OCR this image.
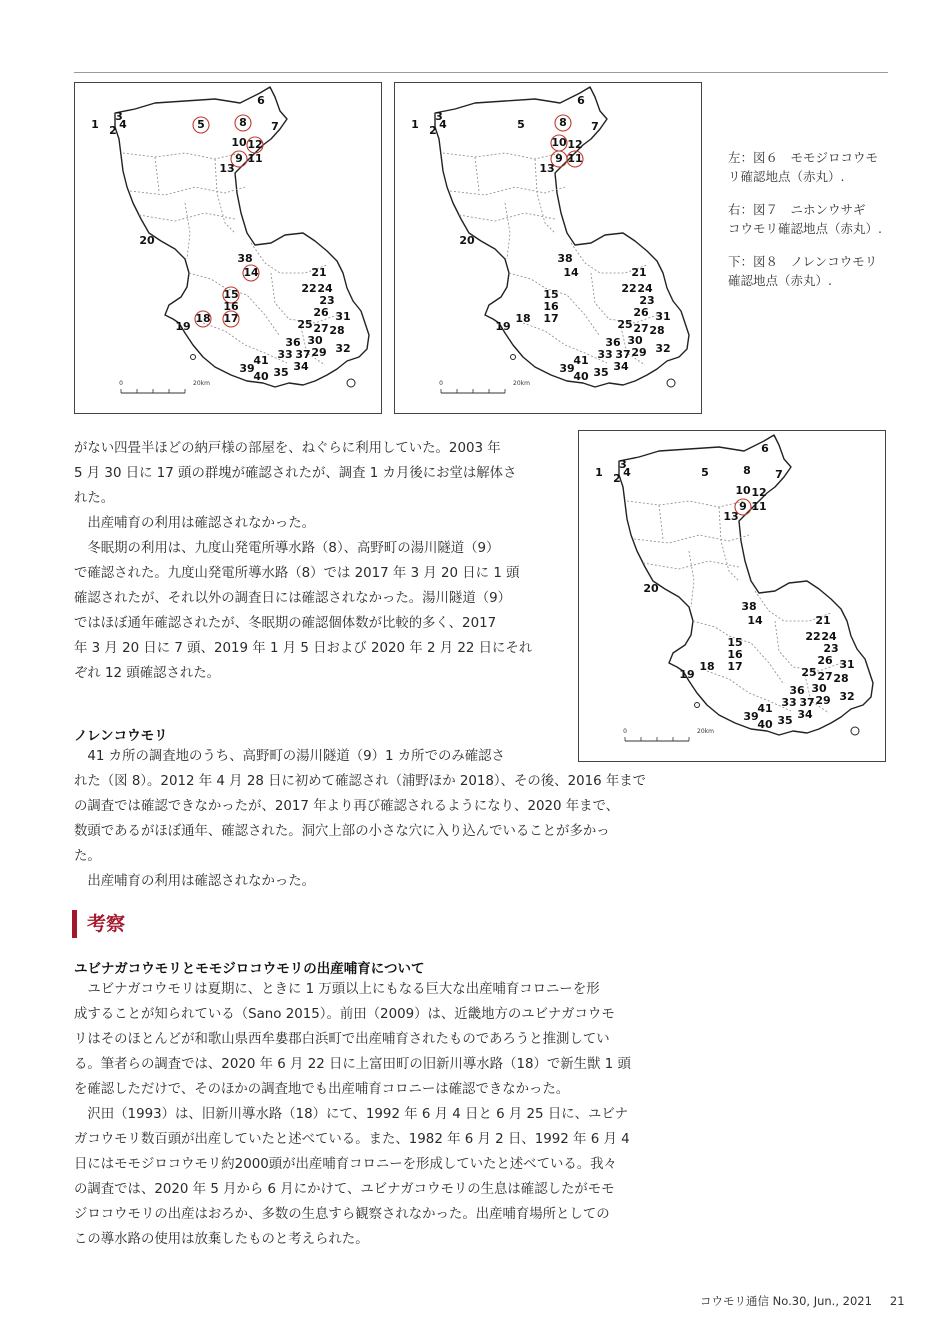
1 2
3
4	5
6
7
8
9
10
11
12
13
14
15
16
17
18
19
20
21
22
23
24
25
26
27 28
29
30
31
32
33
34
35
36
37
38
39
40
41
0	20km
1 2
3
4	5
6
7
8
9
10
11
12
13
14
15
16
17
18
19
20
21
22
23
24
25
26
27 28
29
30
31
32
33
34
35
36
37
38
39
40
41
0	20km
1 2
3
4	5
6
7
8
9
10
11
12
13
14
15
16
17
18
19
20
21
22
23
24
25
26
27 28
29
30
31
32
33
34
35
36
37
38
39
40
41
0	20km

左：図６　モモジロコウモ
リ確認地点（赤丸）.

右：図７　ニホンウサギ
コウモリ確認地点（赤丸）.

下：図８　ノレンコウモリ
確認地点（赤丸）.

がない四畳半ほどの納戸様の部屋を、ねぐらに利用していた。2003 年

5 月 30 日に 17 頭の群塊が確認されたが、調査 1 カ月後にお堂は解体さ

れた。

出産哺育の利用は確認されなかった。

冬眠期の利用は、九度山発電所導水路（8）、高野町の湯川隧道（9）

で確認された。九度山発電所導水路（8）では 2017 年 3 月 20 日に 1 頭

確認されたが、それ以外の調査日には確認されなかった。湯川隧道（9）

ではほぼ通年確認されたが、冬眠期の確認個体数が比較的多く、2017

年 3 月 20 日に 7 頭、2019 年 1 月 5 日および 2020 年 2 月 22 日にそれ

ぞれ 12 頭確認された。

ノレンコウモリ

41 カ所の調査地のうち、高野町の湯川隧道（9）1 カ所でのみ確認さ

れた（図 8）。2012 年 4 月 28 日に初めて確認され（浦野ほか 2018）、その後、2016 年まで

の調査では確認できなかったが、2017 年より再び確認されるようになり、2020 年まで、

数頭であるがほぼ通年、確認された。洞穴上部の小さな穴に入り込んでいることが多かっ

た。

出産哺育の利用は確認されなかった。

考察
ユビナガコウモリとモモジロコウモリの出産哺育について

ユビナガコウモリは夏期に、ときに 1 万頭以上にもなる巨大な出産哺育コロニーを形

成することが知られている（Sano 2015）。前田（2009）は、近畿地方のユビナガコウモ

リはそのほとんどが和歌山県西牟婁郡白浜町で出産哺育されたものであろうと推測してい

る。筆者らの調査では、2020 年 6 月 22 日に上富田町の旧新川導水路（18）で新生獣 1 頭

を確認しただけで、そのほかの調査地でも出産哺育コロニーは確認できなかった。

沢田（1993）は、旧新川導水路（18）にて、1992 年 6 月 4 日と 6 月 25 日に、ユビナ

ガコウモリ数百頭が出産していたと述べている。また、1982 年 6 月 2 日、1992 年 6 月 4

日にはモモジロコウモリ約2000頭が出産哺育コロニーを形成していたと述べている。我々

の調査では、2020 年 5 月から 6 月にかけて、ユビナガコウモリの生息は確認したがモモ

ジロコウモリの出産はおろか、多数の生息すら観察されなかった。出産哺育場所としての

この導水路の使用は放棄したものと考えられた。

コウモリ通信 No.30, Jun., 2021 21
